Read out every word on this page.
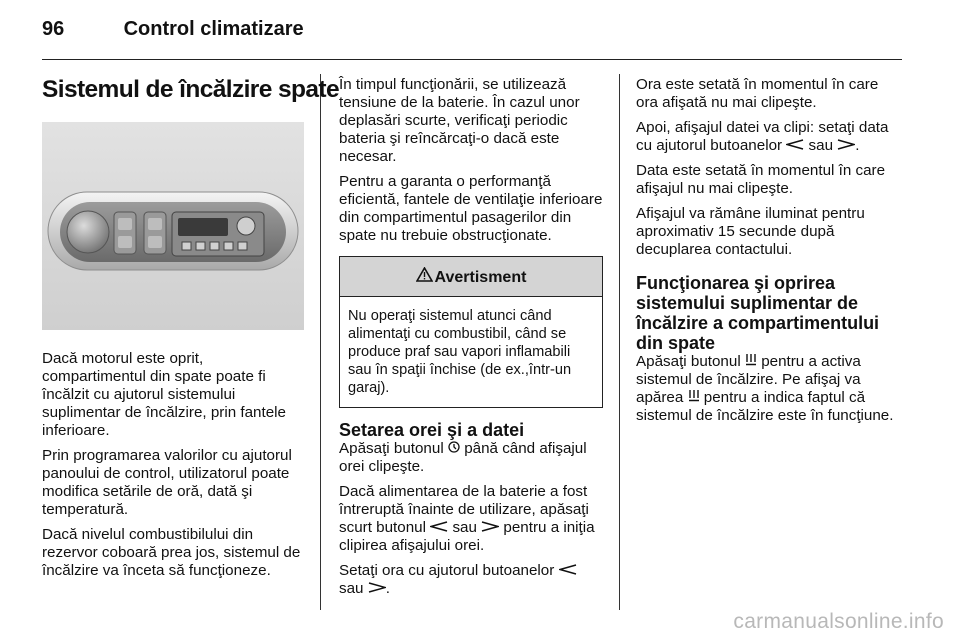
96	Control climatizare
Sistemul de încălzire spate

Dacă motorul este oprit, compartimentul din spate poate fi încălzit cu ajutorul sistemului suplimentar de încălzire, prin fantele inferioare.

Prin programarea valorilor cu ajutorul panoului de control, utilizatorul poate modifica setările de oră, dată şi temperatură.

Dacă nivelul combustibilului din rezervor coboară prea jos, sistemul de încălzire va înceta să funcţioneze.

În timpul funcţionării, se utilizează tensiune de la baterie. În cazul unor deplasări scurte, verificaţi periodic bateria şi reîncărcaţi-o dacă este necesar.

Pentru a garanta o performanţă eficientă, fantele de ventilaţie inferioare din compartimentul pasagerilor din spate nu trebuie obstrucţionate.

Avertisment
Nu operaţi sistemul atunci când alimentaţi cu combustibil, când se produce praf sau vapori inflamabili sau în spaţii închise (de ex.,într-un garaj).
Setarea orei şi a datei

Apăsaţi butonul până când afişajul orei clipeşte.

Dacă alimentarea de la baterie a fost întreruptă înainte de utilizare, apăsaţi scurt butonul sau pentru a iniţia clipirea afişajului orei.

Setaţi ora cu ajutorul butoanelor  sau .

Ora este setată în momentul în care ora afişată nu mai clipeşte.

Apoi, afişajul datei va clipi: setaţi data cu ajutorul butoanelor sau .

Data este setată în momentul în care afişajul nu mai clipeşte.

Afişajul va rămâne iluminat pentru aproximativ 15 secunde după decuplarea contactului.

Funcţionarea şi oprirea sistemului suplimentar de încălzire a compartimentului din spate

Apăsaţi butonul pentru a activa sistemul de încălzire. Pe afişaj va apărea pentru a indica faptul că sistemul de încălzire este în funcţiune.

carmanualsonline.info
